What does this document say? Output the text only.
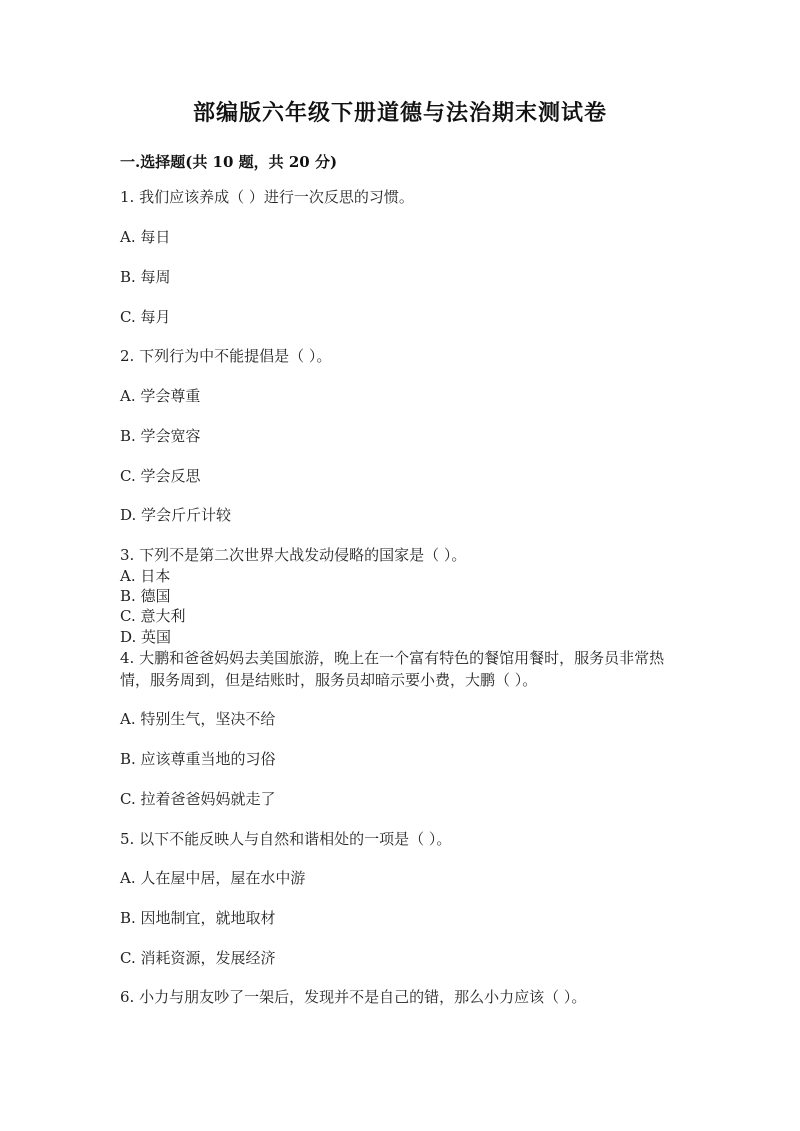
部编版六年级下册道德与法治期末测试卷
一.选择题(共 10 题，共 20 分)
1. 我们应该养成（ ）进行一次反思的习惯。
A. 每日
B. 每周
C. 每月
2. 下列行为中不能提倡是（ ）。
A. 学会尊重
B. 学会宽容
C. 学会反思
D. 学会斤斤计较
3. 下列不是第二次世界大战发动侵略的国家是（ ）。
A. 日本
B. 德国
C. 意大利
D. 英国
4. 大鹏和爸爸妈妈去美国旅游，晚上在一个富有特色的餐馆用餐时，服务员非常热情，服务周到，但是结账时，服务员却暗示要小费，大鹏（ ）。
A. 特别生气，坚决不给
B. 应该尊重当地的习俗
C. 拉着爸爸妈妈就走了
5. 以下不能反映人与自然和谐相处的一项是（ ）。
A. 人在屋中居，屋在水中游
B. 因地制宜，就地取材
C. 消耗资源，发展经济
6. 小力与朋友吵了一架后，发现并不是自己的错，那么小力应该（ ）。
